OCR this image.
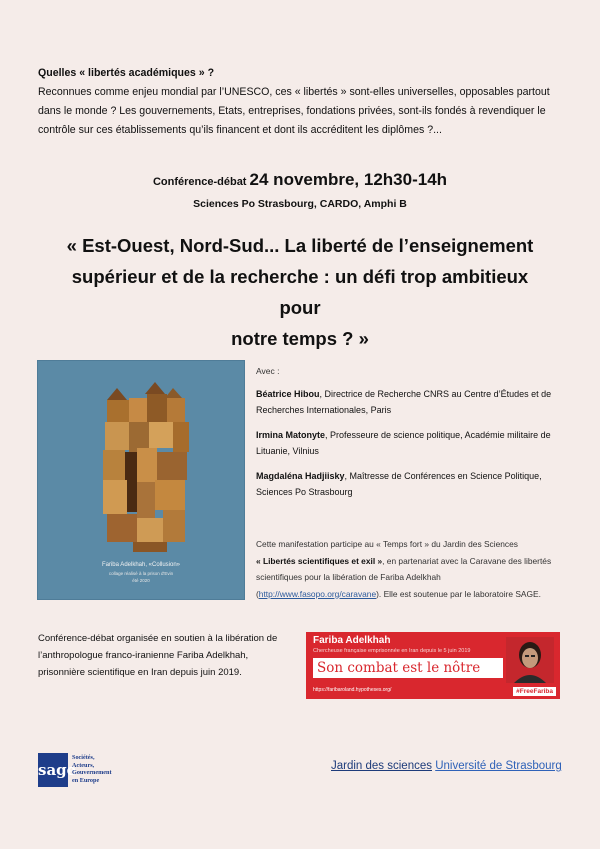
Quelles « libertés académiques » ?
Reconnues comme enjeu mondial par l’UNESCO, ces « libertés » sont-elles universelles, opposables partout dans le monde ? Les gouvernements, Etats, entreprises, fondations privées, sont-ils fondés à revendiquer le contrôle sur ces établissements qu’ils financent et dont ils accréditent les diplômes ?...
Conférence-débat 24 novembre, 12h30-14h
Sciences Po Strasbourg, CARDO, Amphi B
« Est-Ouest, Nord-Sud... La liberté de l’enseignement
supérieur et de la recherche : un défi trop ambitieux pour
notre temps ? »
Fariba Adelkhah, «Collusion»
collage réalisé à la prison d'Evin
été 2020
Avec :
Béatrice Hibou, Directrice de Recherche CNRS au Centre d’Études et de Recherches Internationales, Paris
Irmina Matonyte, Professeure de science politique, Académie militaire de Lituanie, Vilnius
Magdaléna Hadjiisky, Maîtresse de Conférences en Science Politique, Sciences Po Strasbourg
Cette manifestation participe au « Temps fort » du Jardin des Sciences
« Libertés scientifiques et exil », en partenariat avec la Caravane des libertés scientifiques pour la libération de Fariba Adelkhah (http://www.fasopo.org/caravane). Elle est soutenue par le laboratoire SAGE.
Conférence-débat organisée en soutien à la libération de l’anthropologue franco-iranienne Fariba Adelkhah, prisonnière scientifique en Iran depuis juin 2019.
Fariba Adelkhah
Chercheuse française emprisonnée en Iran depuis le 5 juin 2019
Son combat est le nôtre
https://faribaroland.hypotheses.org/	#FreeFariba
sage
Sociétés,
Acteurs,
Gouvernement
en Europe
Jardin des sciences Université de Strasbourg
